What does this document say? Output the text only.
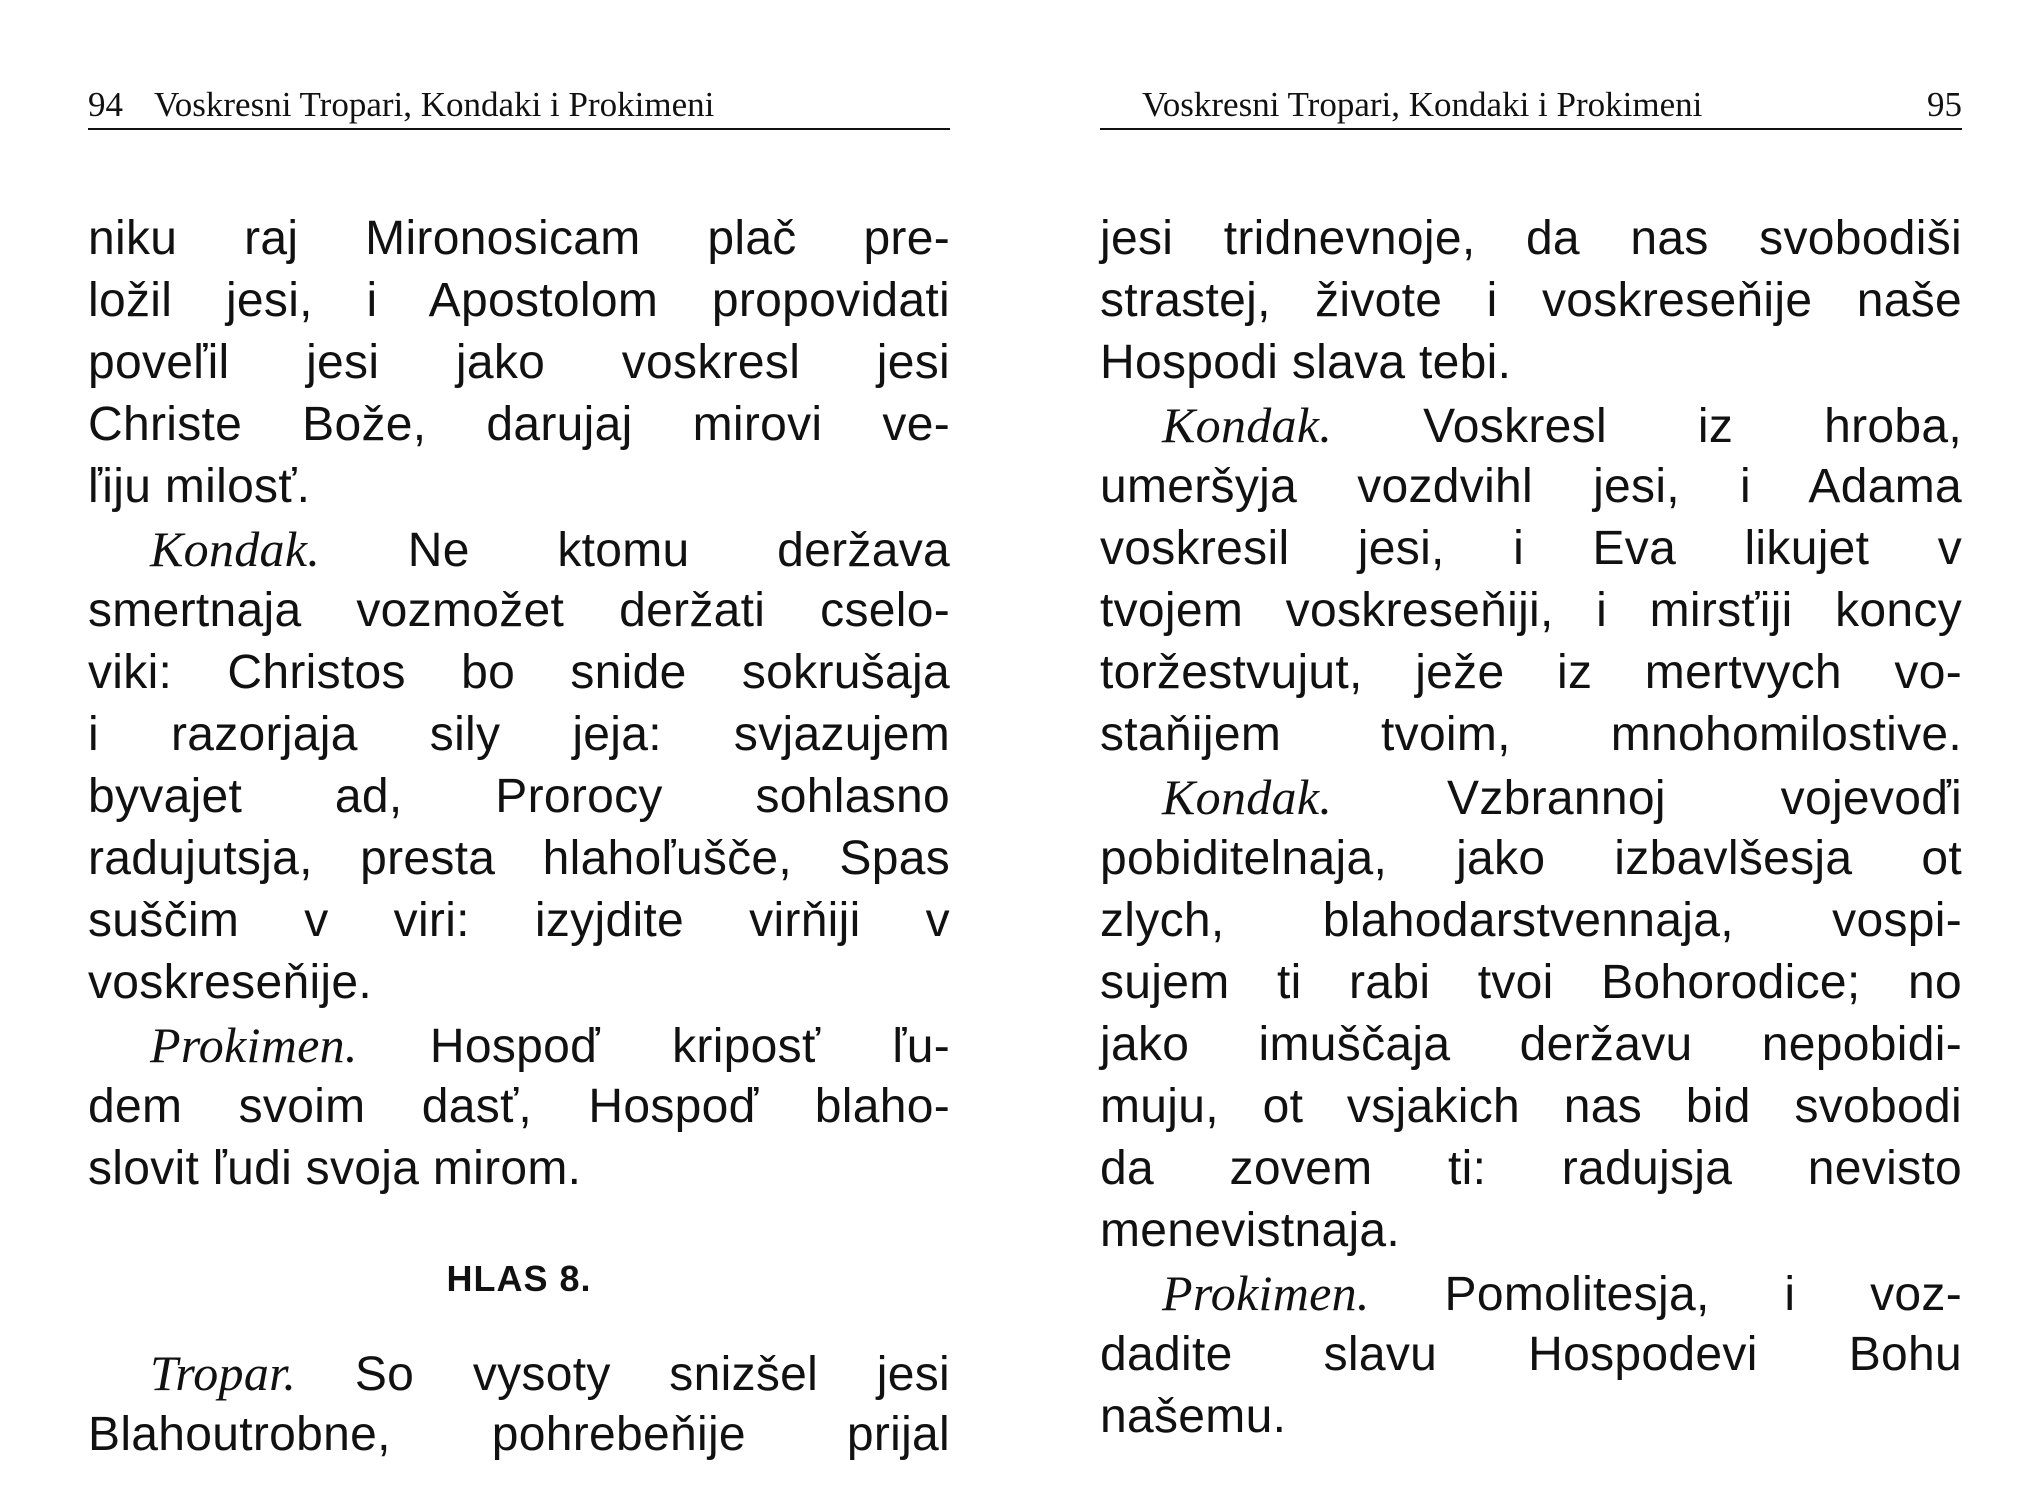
94 Voskresni Tropari, Kondaki i Prokimeni
niku raj Mironosicam plač pre-
ložil jesi, i Apostolom propovidati
poveľil jesi jako voskresl jesi
Christe Bože, darujaj mirovi ve-
ľiju milosť.
Kondak. Ne ktomu deržava
smertnaja vozmožet deržati cselo-
viki: Christos bo snide sokrušaja
i razorjaja sily jeja: svjazujem
byvajet ad, Prorocy sohlasno
radujutsja, presta hlahoľušče, Spas
suščim v viri: izyjdite virňiji v
voskreseňije.
Prokimen. Hospoď kriposť ľu-
dem svoim dasť, Hospoď blaho-
slovit ľudi svoja mirom.
HLAS 8.
Tropar. So vysoty snizšel jesi
Blahoutrobne, pohrebeňije prijal
Voskresni Tropari, Kondaki i Prokimeni	95
jesi tridnevnoje, da nas svobodiši
strastej, živote i voskreseňije naše
Hospodi slava tebi.
Kondak. Voskresl iz hroba,
umeršyja vozdvihl jesi, i Adama
voskresil jesi, i Eva likujet v
tvojem voskreseňiji, i mirsťiji koncy
toržestvujut, ježe iz mertvych vo-
staňijem tvoim, mnohomilostive.
Kondak. Vzbrannoj vojevoďi
pobiditelnaja, jako izbavlšesja ot
zlych, blahodarstvennaja, vospi-
sujem ti rabi tvoi Bohorodice; no
jako imuščaja deržavu nepobidi-
muju, ot vsjakich nas bid svobodi
da zovem ti: radujsja nevisto
menevistnaja.
Prokimen. Pomolitesja, i voz-
dadite slavu Hospodevi Bohu
našemu.
